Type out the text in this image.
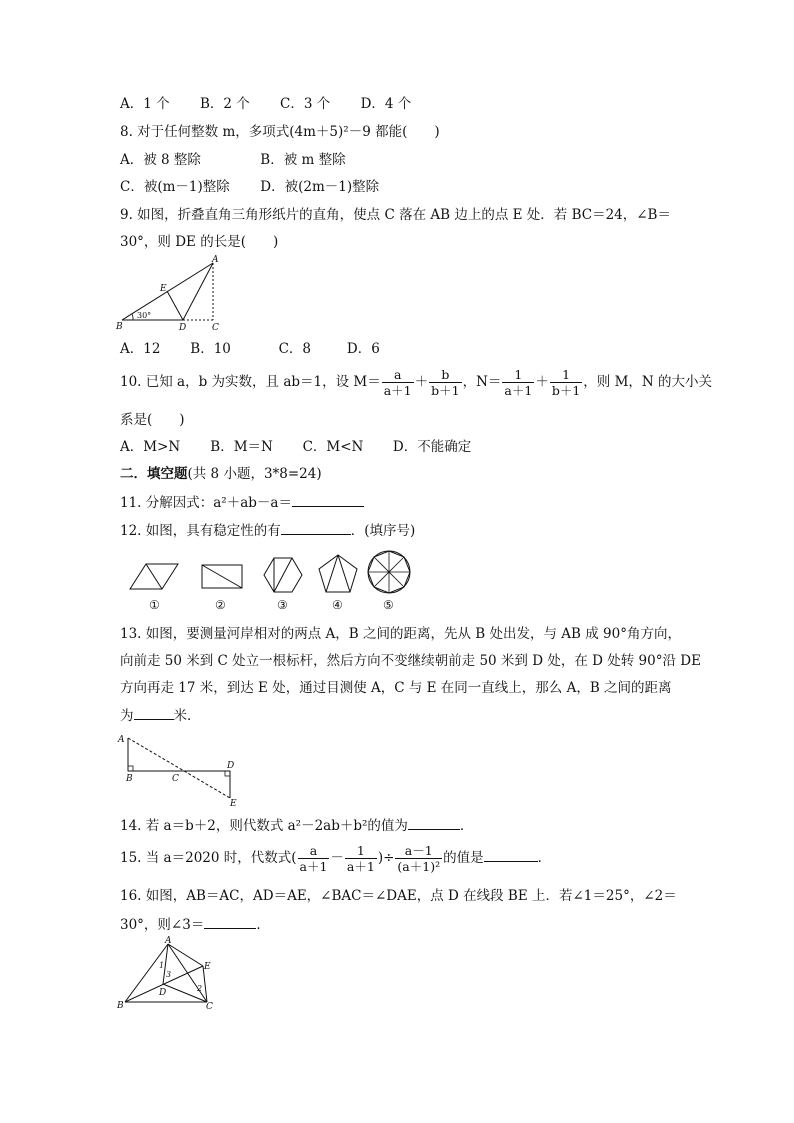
A．1 个 B．2 个 C．3 个 D．4 个
8. 对于任何整数 m，多项式(4m＋5)²－9 都能(　　)
A．被 8 整除	B．被 m 整除
C．被(m－1)整除 D．被(2m－1)整除
9. 如图，折叠直角三角形纸片的直角，使点 C 落在 AB 边上的点 E 处．若 BC＝24，∠B＝
30°，则 DE 的长是(　　)
A
B	C
D
E
30°
A．12 B．10	C．8	D．6
10. 已知 a，b 为实数，且 ab＝1，设 $M= \frac{a}{a+1} + \frac{b}{b+1}$ ，$N= \frac{1}{a+1} + \frac{1}{b+1}$ ，则 M，N 的大小关
系是(　　)
A．M>N B．M＝N C．M<N D．不能确定
二．填空题(共 8 小题，3*8=24)
11. 分解因式：a²＋ab－a＝
12. 如图，具有稳定性的有	．(填序号)
①	②	③	④	⑤
13. 如图，要测量河岸相对的两点 A，B 之间的距离，先从 B 处出发，与 AB 成 90°角方向，
向前走 50 米到 C 处立一根标杆，然后方向不变继续朝前走 50 米到 D 处，在 D 处转 90°沿 DE
方向再走 17 米，到达 E 处，通过目测使 A，C 与 E 在同一直线上，那么 A，B 之间的距离
为	米．
A
B	C
D
E
14. 若 a＝b＋2，则代数式 a²－2ab＋b²的值为	．
15. 当 a＝2020 时，代数式( $\frac{a}{a+1} - \frac{1}{a+1}$ )÷ $\frac{a-1}{\text{(a＋1)²}}$ 的值是	．
16. 如图，AB＝AC，AD＝AE，∠BAC＝∠DAE，点 D 在线段 BE 上．若∠1＝25°，∠2＝
30°，则∠3＝	．
A
B	C
D
E
1
2
3
